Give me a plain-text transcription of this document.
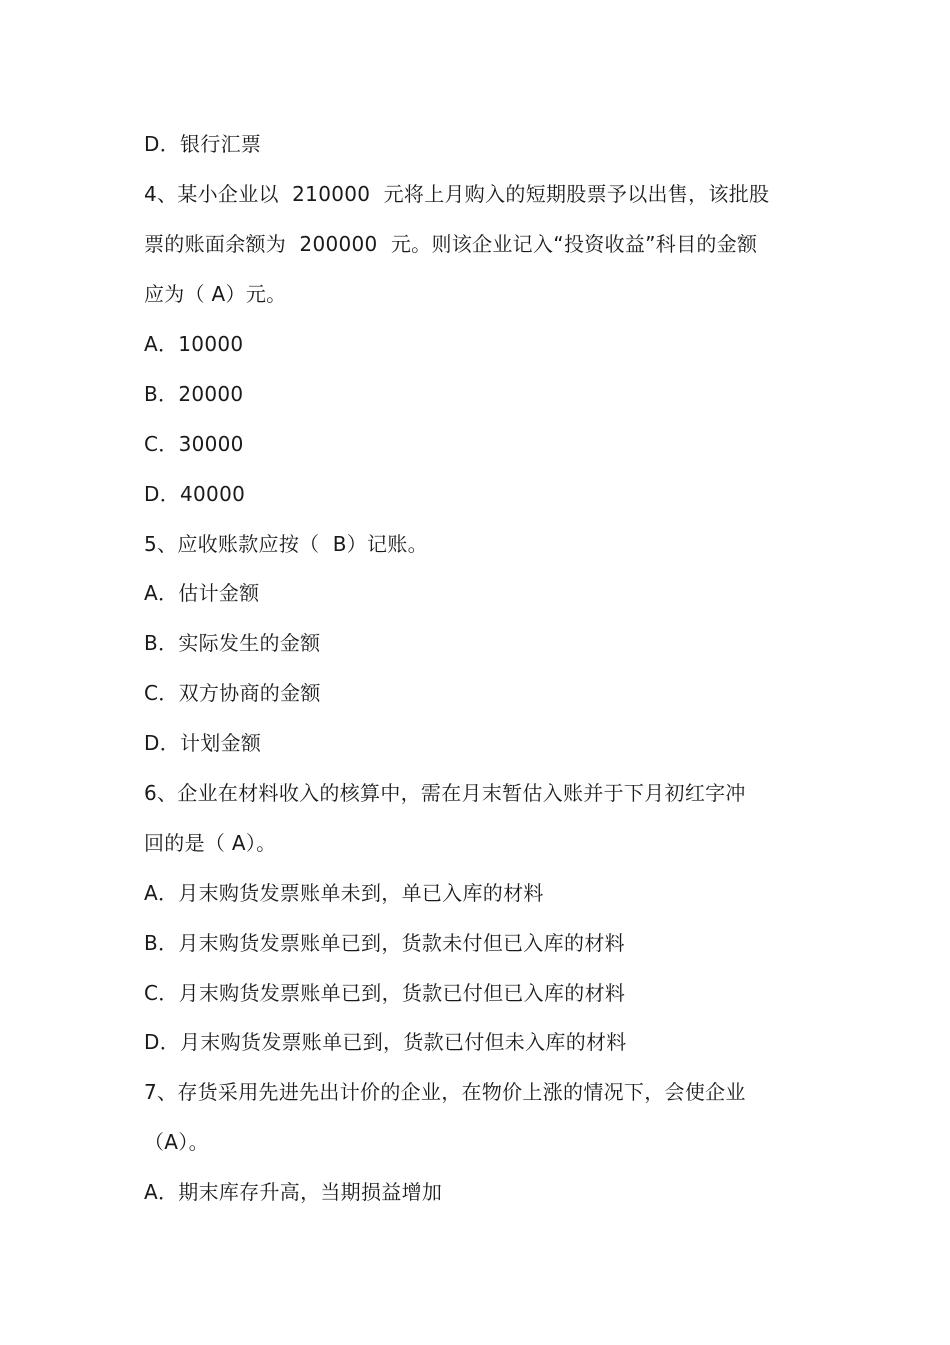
D．银行汇票
4、某小企业以  210000  元将上月购入的短期股票予以出售，该批股
票的账面余额为  200000  元。则该企业记入“投资收益”科目的金额
应为（ A）元。
A．10000
B．20000
C．30000
D．40000
5、应收账款应按（  B）记账。
A．估计金额
B．实际发生的金额
C．双方协商的金额
D．计划金额
6、企业在材料收入的核算中，需在月末暂估入账并于下月初红字冲
回的是（ A）。
A．月末购货发票账单未到，单已入库的材料
B．月末购货发票账单已到，货款未付但已入库的材料
C．月末购货发票账单已到，货款已付但已入库的材料
D．月末购货发票账单已到，货款已付但未入库的材料
7、存货采用先进先出计价的企业，在物价上涨的情况下，会使企业
（A）。
A．期末库存升高，当期损益增加
